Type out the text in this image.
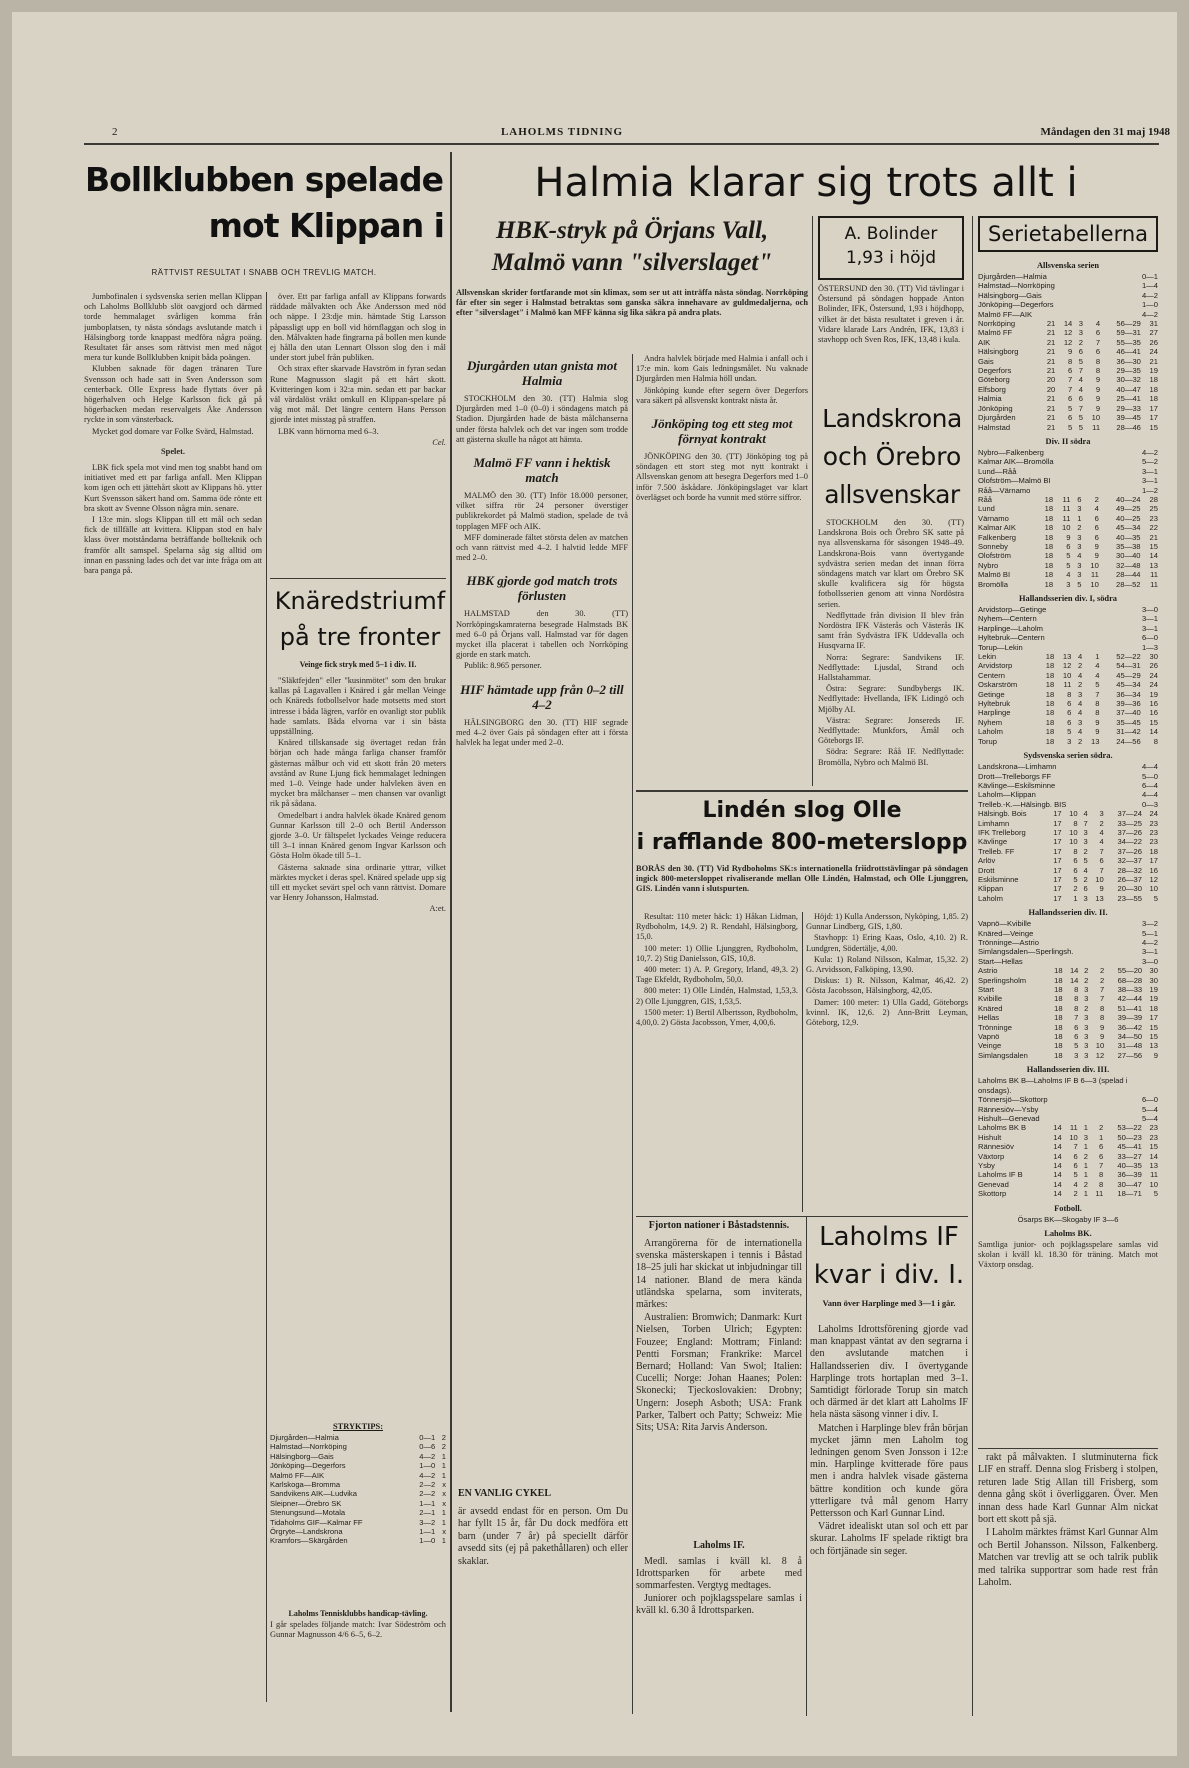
2	LAHOLMS TIDNING	Måndagen den 31 maj 1948
Bollklubben spelade
mot Klippan i
RÄTTVIST RESULTAT I SNABB OCH TREVLIG MATCH.

Jumbofinalen i sydsvenska serien mellan Klippan och Laholms Bollklubb slöt oavgjord och därmed torde hemmalaget svårligen komma från jumboplatsen, ty nästa söndags avslutande match i Hälsingborg torde knappast medföra några poäng. Resultatet får anses som rättvist men med något mera tur kunde Bollklubben knipit båda poängen.

Klubben saknade för dagen tränaren Ture Svensson och hade satt in Sven Andersson som centerback. Olle Express hade flyttats över på högerhalven och Helge Karlsson fick gå på högerbacken medan reservalgets Åke Andersson ryckte in som vänsterback.

Mycket god domare var Folke Svärd, Halmstad.

Spelet.

LBK fick spela mot vind men tog snabbt hand om initiativet med ett par farliga anfall. Men Klippan kom igen och ett jättehårt skott av Klippans hö. ytter Kurt Svensson säkert hand om. Samma öde rönte ett bra skott av Svenne Olsson några min. senare.

I 13:e min. slogs Klippan till ett mål och sedan fick de tillfälle att kvittera. Klippan stod en halv klass över motståndarna beträffande bollteknik och framför allt samspel. Spelarna såg sig alltid om innan en passning lades och det var inte fråga om att bara panga på.

över. Ett par farliga anfall av Klippans forwards räddade målvakten och Åke Andersson med nöd och näppe. I 23:dje min. hämtade Stig Larsson påpassligt upp en boll vid hörnflaggan och slog in den. Målvakten hade fingrarna på bollen men kunde ej hålla den utan Lennart Olsson slog den i mål under stort jubel från publiken.

Och strax efter skarvade Havström in fyran sedan Rune Magnusson slagit på ett hårt skott. Kvitteringen kom i 32:a min. sedan ett par backar väl värdalöst vräkt omkull en Klippan-spelare på väg mot mål. Det längre centern Hans Persson gjorde intet misstag på straffen.

LBK vann hörnorna med 6–3.

Cel.
Knäredstriumf
på tre fronter
Veinge fick stryk med 5–1 i div. II.

"Släktfejden" eller "kusinmötet" som den brukar kallas på Lagavallen i Knäred i går mellan Veinge och Knäreds fotbollselvor hade motsetts med stort intresse i båda lägren, varför en ovanligt stor publik hade samlats. Båda elvorna var i sin bästa uppställning.

Knäred tillskansade sig övertaget redan från början och hade många farliga chanser framför gästernas målbur och vid ett skott från 20 meters avstånd av Rune Ljung fick hemmalaget ledningen med 1–0. Veinge hade under halvleken även en mycket bra målchanser – men chansen var ovanligt rik på sådana.

Omedelbart i andra halvlek ökade Knäred genom Gunnar Karlsson till 2–0 och Bertil Andersson gjorde 3–0. Ur fältspelet lyckades Veinge reducera till 3–1 innan Knäred genom Ingvar Karlsson och Gösta Holm ökade till 5–1.

Gästerna saknade sina ordinarie yttrar, vilket märktes mycket i deras spel. Knäred spelade upp sig till ett mycket sevärt spel och vann rättvist. Domare var Henry Johansson, Halmstad.

A:et.
STRYKTIPS:
Djurgården—Halmia	0—1	2
Halmstad—Norrköping	0—6	2
Hälsingborg—Gais	4—2	1
Jönköping—Degerfors	1—0	1
Malmö FF—AIK	4—2	1
Karlskoga—Bromma	2—2	x
Sandvikens AIK—Ludvika	2—2	x
Sleipner—Örebro SK	1—1	x
Stenungsund—Motala	2—1	1
Tidaholms GIF—Kalmar FF	3—2	1
Örgryte—Landskrona	1—1	x
Kramfors—Skärgården	1—0	1
Laholms Tennisklubbs handicap-tävling.
I går spelades följande match: Ivar Södeström och Gunnar Magnusson 4/6 6–5, 6–2.
Halmia klarar sig trots allt i
HBK-stryk på Örjans Vall,
Malmö vann "silverslaget"
Allsvenskan skrider fortfarande mot sin klimax, som ser ut att inträffa nästa söndag. Norrköping får efter sin seger i Halmstad betraktas som ganska säkra innehavare av guldmedaljerna, och efter "silverslaget" i Malmö kan MFF känna sig lika säkra på andra plats.
Djurgården utan gnista mot Halmia

STOCKHOLM den 30. (TT) Halmia slog Djurgården med 1–0 (0–0) i söndagens match på Stadion. Djurgården hade de bästa målchanserna under första halvlek och det var ingen som trodde att gästerna skulle ha något att hämta.

Malmö FF vann i hektisk match

MALMÖ den 30. (TT) Inför 18.000 personer, vilket siffra rör 24 personer överstiger publikrekordet på Malmö stadion, spelade de två topplagen MFF och AIK.

MFF dominerade fältet största delen av matchen och vann rättvist med 4–2. I halvtid ledde MFF med 2–0.

HBK gjorde god match trots förlusten

HALMSTAD den 30. (TT) Norrköpingskamraterna besegrade Halmstads BK med 6–0 på Örjans vall. Halmstad var för dagen mycket illa placerat i tabellen och Norrköping gjorde en stark match.

Publik: 8.965 personer.

HIF hämtade upp från 0–2 till 4–2

HÄLSINGBORG den 30. (TT) HIF segrade med 4–2 över Gais på söndagen efter att i första halvlek ha legat under med 2–0.

Andra halvlek började med Halmia i anfall och i 17:e min. kom Gais ledningsmålet. Nu vaknade Djurgården men Halmia höll undan.

Jönköping kunde efter segern över Degerfors vara säkert på allsvenskt kontrakt nästa år.

Jönköping tog ett steg mot förnyat kontrakt

JÖNKÖPING den 30. (TT) Jönköping tog på söndagen ett stort steg mot nytt kontrakt i Allsvenskan genom att besegra Degerfors med 1–0 inför 7.500 åskådare. Jönköpingslaget var klart överlägset och borde ha vunnit med större siffror.

A. Bolinder
1,93 i höjd
ÖSTERSUND den 30. (TT) Vid tävlingar i Östersund på söndagen hoppade Anton Bolinder, IFK, Östersund, 1,93 i höjdhopp, vilket är det bästa resultatet i greven i år. Vidare klarade Lars Andrén, IFK, 13,83 i stavhopp och Sven Ros, IFK, 13,48 i kula.
Landskrona
och Örebro
allsvenskar

STOCKHOLM den 30. (TT) Landskrona Bois och Örebro SK satte på nya allsvenskarna för säsongen 1948–49. Landskrona-Bois vann övertygande sydvästra serien medan det innan förra söndagens match var klart om Örebro SK skulle kvalificera sig för högsta fotbollsserien genom att vinna Nordöstra serien.

Nedflyttade från division II blev från Nordöstra IFK Västerås och Västerås IK samt från Sydvästra IFK Uddevalla och Husqvarna IF.

Norra: Segrare: Sandvikens IF. Nedflyttade: Ljusdal, Strand och Hallstahammar.

Östra: Segrare: Sundbybergs IK. Nedflyttade: Hvellanda, IFK Lidingö och Mjölby AI.

Västra: Segrare: Jonsereds IF. Nedflyttade: Munkfors, Åmål och Göteborgs IF.

Södra: Segrare: Råå IF. Nedflyttade: Bromölla, Nybro och Malmö BI.

Lindén slog Olle
i rafflande 800-meterslopp
BORÅS den 30. (TT) Vid Rydboholms SK:s internationella friidrottstävlingar på söndagen ingick 800-metersloppet rivaliserande mellan Olle Lindén, Halmstad, och Olle Ljunggren, GIS. Lindén vann i slutspurten.

Resultat: 110 meter häck: 1) Håkan Lidman, Rydboholm, 14,9. 2) R. Rendahl, Hälsingborg, 15,0.

100 meter: 1) Ollie Ljunggren, Rydboholm, 10,7. 2) Stig Danielsson, GIS, 10,8.

400 meter: 1) A. P. Gregory, Irland, 49,3. 2) Tage Ekfeldt, Rydboholm, 50,0.

800 meter: 1) Olle Lindén, Halmstad, 1,53,3. 2) Olle Ljunggren, GIS, 1,53,5.

1500 meter: 1) Bertil Albertsson, Rydboholm, 4,00,0. 2) Gösta Jacobsson, Ymer, 4,00,6.

Höjd: 1) Kulla Andersson, Nyköping, 1,85. 2) Gunnar Lindberg, GIS, 1,80.

Stavhopp: 1) Ering Kaas, Oslo, 4,10. 2) R. Lundgren, Södertälje, 4,00.

Kula: 1) Roland Nilsson, Kalmar, 15,32. 2) G. Arvidsson, Falköping, 13,90.

Diskus: 1) R. Nilsson, Kalmar, 46,42. 2) Gösta Jacobsson, Hälsingborg, 42,05.

Damer: 100 meter: 1) Ulla Gadd, Göteborgs kvinnl. IK, 12,6. 2) Ann-Britt Leyman, Göteborg, 12,9.

Fjorton nationer i Båstadstennis.

Arrangörerna för de internationella svenska mästerskapen i tennis i Båstad 18–25 juli har skickat ut inbjudningar till 14 nationer. Bland de mera kända utländska spelarna, som inviterats, märkes:

Australien: Bromwich; Danmark: Kurt Nielsen, Torben Ulrich; Egypten: Fouzee; England: Mottram; Finland: Pentti Forsman; Frankrike: Marcel Bernard; Holland: Van Swol; Italien: Cucelli; Norge: Johan Haanes; Polen: Skonecki; Tjeckoslovakien: Drobny; Ungern: Joseph Asboth; USA: Frank Parker, Talbert och Patty; Schweiz: Mie Sits; USA: Rita Jarvis Anderson.

Laholms IF.

Medl. samlas i kväll kl. 8 å Idrottsparken för arbete med sommarfesten. Vergtyg medtages.

Juniorer och pojklagsspelare samlas i kväll kl. 6.30 å Idrottsparken.

EN VANLIG CYKEL
är avsedd endast för en person. Om Du har fyllt 15 år, får Du dock medföra ett barn (under 7 år) på speciellt därför avsedd sits (ej på pakethållaren) och eller skaklar.
Laholms IF
kvar i div. I.
Vann över Harplinge med 3—1 i går.

Laholms Idrottsförening gjorde vad man knappast väntat av den segrarna i den avslutande matchen i Hallandsserien div. I övertygande Harplinge trots hortaplan med 3–1. Samtidigt förlorade Torup sin match och därmed är det klart att Laholms IF hela nästa säsong vinner i div. I.

Matchen i Harplinge blev från början mycket jämn men Laholm tog ledningen genom Sven Jonsson i 12:e min. Harplinge kvitterade före paus men i andra halvlek visade gästerna bättre kondition och kunde göra ytterligare två mål genom Harry Pettersson och Karl Gunnar Lind.

Vädret idealiskt utan sol och ett par skurar. Laholms IF spelade riktigt bra och förtjänade sin seger.

Serietabellerna
Allsvenska serien
Djurgården—Halmia	0—1
Halmstad—Norrköping	1—4
Hälsingborg—Gais	4—2
Jönköping—Degerfors	1—0
Malmö FF—AIK	4—2
Norrköping	21	14	3	4	56—29	31
Malmö FF	21	12	3	6	59—31	27
AIK	21	12	2	7	55—35	26
Hälsingborg	21	9	6	6	46—41	24
Gais	21	8	5	8	36—30	21
Degerfors	21	6	7	8	29—35	19
Göteborg	20	7	4	9	30—32	18
Elfsborg	20	7	4	9	40—47	18
Halmia	21	6	6	9	25—41	18
Jönköping	21	5	7	9	29—33	17
Djurgården	21	6	5	10	39—45	17
Halmstad	21	5	5	11	28—46	15
Div. II södra
Nybro—Falkenberg	4—2
Kalmar AIK—Bromölla	5—2
Lund—Råå	3—1
Olofström—Malmö BI	3—1
Råå—Värnamo	1—2
Råå	18	11	6	2	40—24	28
Lund	18	11	3	4	49—25	25
Värnamo	18	11	1	6	40—25	23
Kalmar AIK	18	10	2	6	45—34	22
Falkenberg	18	9	3	6	40—35	21
Sonneby	18	6	3	9	35—38	15
Olofström	18	5	4	9	30—40	14
Nybro	18	5	3	10	32—48	13
Malmö BI	18	4	3	11	28—44	11
Bromölla	18	3	5	10	28—52	11
Hallandsserien div. I, södra
Arvidstorp—Getinge	3—0
Nyhem—Centern	3—1
Harplinge—Laholm	3—1
Hyltebruk—Centern	6—0
Torup—Lekin	1—3
Lekin	18	13	4	1	52—22	30
Arvidstorp	18	12	2	4	54—31	26
Centern	18	10	4	4	45—29	24
Oskarström	18	11	2	5	45—34	24
Getinge	18	8	3	7	36—34	19
Hyltebruk	18	6	4	8	39—36	16
Harplinge	18	6	4	8	37—40	16
Nyhem	18	6	3	9	35—45	15
Laholm	18	5	4	9	31—42	14
Torup	18	3	2	13	24—56	8
Sydsvenska serien södra.
Landskrona—Limhamn	4—4
Drott—Trelleborgs FF	5—0
Kävlinge—Eskilsminne	6—4
Laholm—Klippan	4—4
Trelleb.-K.—Hälsingb. BIS	0—3
Hälsingb. Bois	17	10	4	3	37—24	24
Limhamn	17	8	7	2	33—25	23
IFK Trelleborg	17	10	3	4	37—26	23
Kävlinge	17	10	3	4	34—22	23
Trelleb. FF	17	8	2	7	37—26	18
Arlöv	17	6	5	6	32—37	17
Drott	17	6	4	7	28—32	16
Eskilsminne	17	5	2	10	26—37	12
Klippan	17	2	6	9	20—30	10
Laholm	17	1	3	13	23—55	5
Hallandsserien div. II.
Vapnö—Kvibille	3—2
Knäred—Veinge	5—1
Trönninge—Astrio	4—2
Simlangsdalen—Sperlingsh.	3—1
Start—Hellas	3—0
Astrio	18	14	2	2	55—20	30
Sperlingsholm	18	14	2	2	68—28	30
Start	18	8	3	7	38—33	19
Kvibille	18	8	3	7	42—44	19
Knäred	18	8	2	8	51—41	18
Hellas	18	7	3	8	39—39	17
Trönninge	18	6	3	9	36—42	15
Vapnö	18	6	3	9	34—50	15
Veinge	18	5	3	10	31—48	13
Simlangsdalen	18	3	3	12	27—56	9
Hallandsserien div. III.
Laholms BK B—Laholms IF B 6—3 (spelad i onsdags).
Tönnersjö—Skottorp	6—0
Rännesiöv—Ysby	5—4
Hishult—Genevad	5—4
Laholms BK B	14	11	1	2	53—22	23
Hishult	14	10	3	1	50—23	23
Rännesiöv	14	7	1	6	45—41	15
Växtorp	14	6	2	6	33—27	14
Ysby	14	6	1	7	40—35	13
Laholms IF B	14	5	1	8	36—39	11
Genevad	14	4	2	8	30—47	10
Skottorp	14	2	1	11	18—71	5
Fotboll.
Ösarps BK—Skogaby IF 3—6
Laholms BK.
Samtliga junior- och pojklagsspelare samlas vid skolan i kväll kl. 18.30 för träning. Match mot Växtorp onsdag.

rakt på målvakten. I slutminuterna fick LIF en straff. Denna slog Frisberg i stolpen, returen lade Stig Allan till Frisberg, som denna gång sköt i överliggaren. Över. Men innan dess hade Karl Gunnar Alm nickat bort ett skott på sjä.

I Laholm märktes främst Karl Gunnar Alm och Bertil Johansson. Nilsson, Falkenberg. Matchen var trevlig att se och talrik publik med talrika supportrar som hade rest från Laholm.
